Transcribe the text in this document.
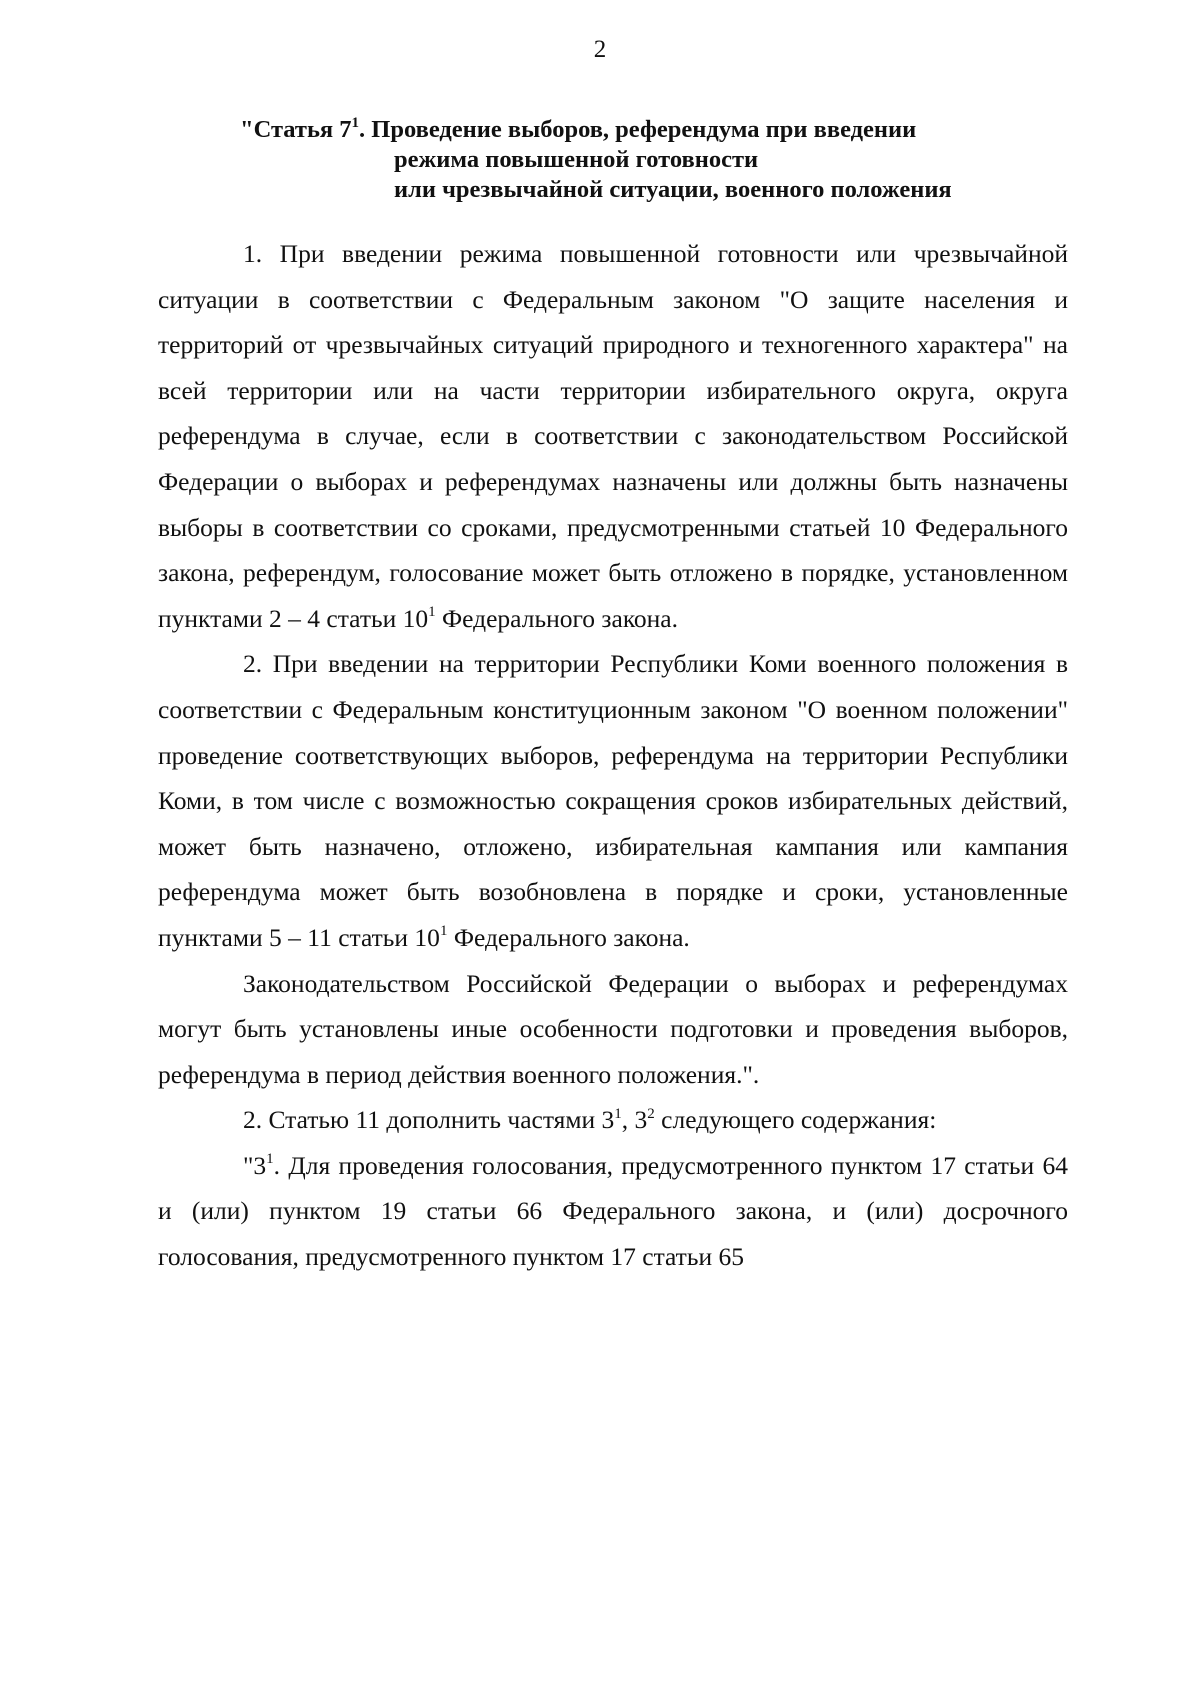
2
"Статья $7^1$. Проведение выборов, референдума при введении
режима повышенной готовности
или чрезвычайной ситуации, военного положения

1. При введении режима повышенной готовности или чрезвычайной ситуации в соответствии с Федеральным законом "О защите населения и территорий от чрезвычайных ситуаций природного и техногенного характера" на всей территории или на части территории избирательного округа, округа референдума в случае, если в соответствии с законодательством Российской Федерации о выборах и референдумах назначены или должны быть назначены выборы в соответствии со сроками, предусмотренными статьей 10 Федерального закона, референдум, голосование может быть отложено в порядке, установленном пунктами 2 – 4 статьи $10^1$ Федерального закона.

2. При введении на территории Республики Коми военного положения в соответствии с Федеральным конституционным законом "О военном положении" проведение соответствующих выборов, референдума на территории Республики Коми, в том числе с возможностью сокращения сроков избирательных действий, может быть назначено, отложено, избирательная кампания или кампания референдума может быть возобновлена в порядке и сроки, установленные пунктами 5 – 11 статьи $10^1$ Федерального закона.

Законодательством Российской Федерации о выборах и референдумах могут быть установлены иные особенности подготовки и проведения выборов, референдума в период действия военного положения.".

2. Статью 11 дополнить частями $3^1$, $3^2$ следующего содержания:

"$3^1$. Для проведения голосования, предусмотренного пунктом 17 статьи 64 и (или) пунктом 19 статьи 66 Федерального закона, и (или) досрочного голосования, предусмотренного пунктом 17 статьи 65
